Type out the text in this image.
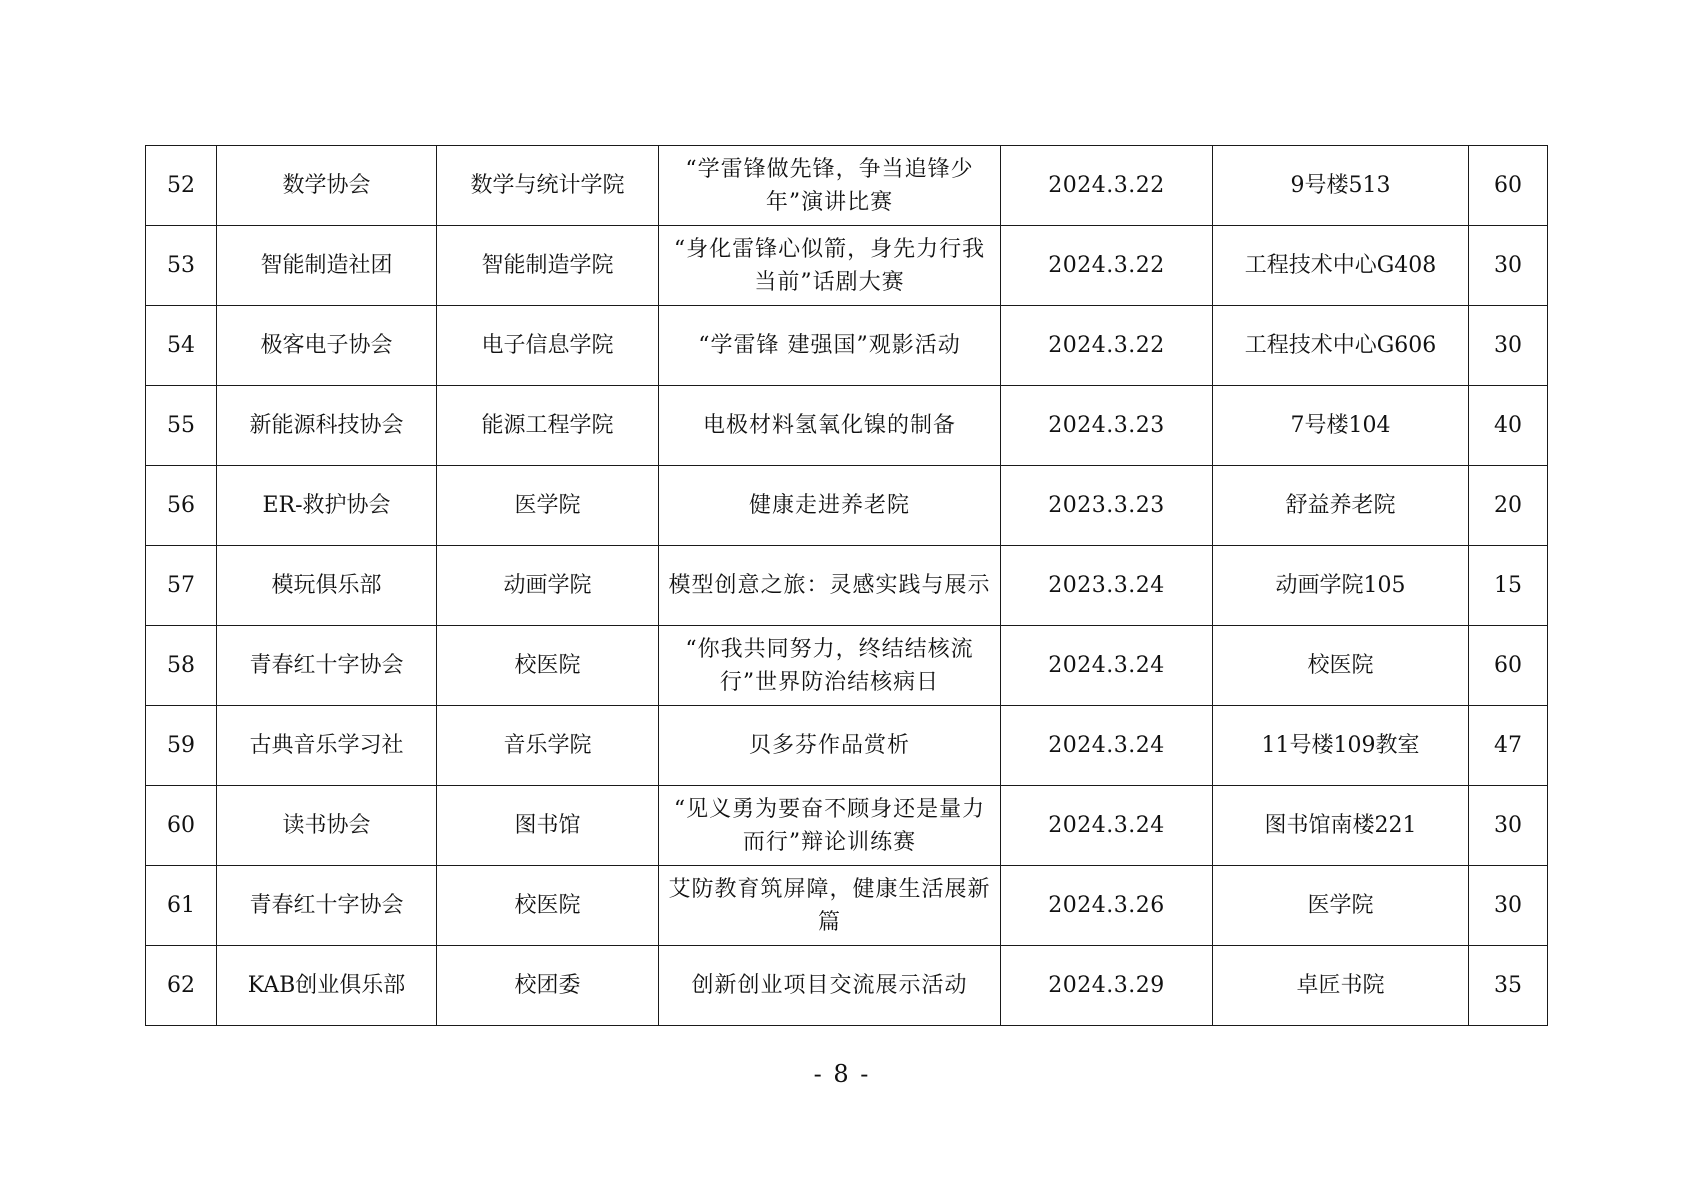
52	数学协会	数学与统计学院	“学雷锋做先锋，争当追锋少年”演讲比赛	2024.3.22	9号楼513	60
53	智能制造社团	智能制造学院	“身化雷锋心似箭，身先力行我当前”话剧大赛	2024.3.22	工程技术中心G408	30
54	极客电子协会	电子信息学院	“学雷锋 建强国”观影活动	2024.3.22	工程技术中心G606	30
55	新能源科技协会	能源工程学院	电极材料氢氧化镍的制备	2024.3.23	7号楼104	40
56	ER-救护协会	医学院	健康走进养老院	2023.3.23	舒益养老院	20
57	模玩俱乐部	动画学院	模型创意之旅：灵感实践与展示	2023.3.24	动画学院105	15
58	青春红十字协会	校医院	“你我共同努力，终结结核流行”世界防治结核病日	2024.3.24	校医院	60
59	古典音乐学习社	音乐学院	贝多芬作品赏析	2024.3.24	11号楼109教室	47
60	读书协会	图书馆	“见义勇为要奋不顾身还是量力而行”辩论训练赛	2024.3.24	图书馆南楼221	30
61	青春红十字协会	校医院	艾防教育筑屏障，健康生活展新篇	2024.3.26	医学院	30
62	KAB创业俱乐部	校团委	创新创业项目交流展示活动	2024.3.29	卓匠书院	35
- 8 -
